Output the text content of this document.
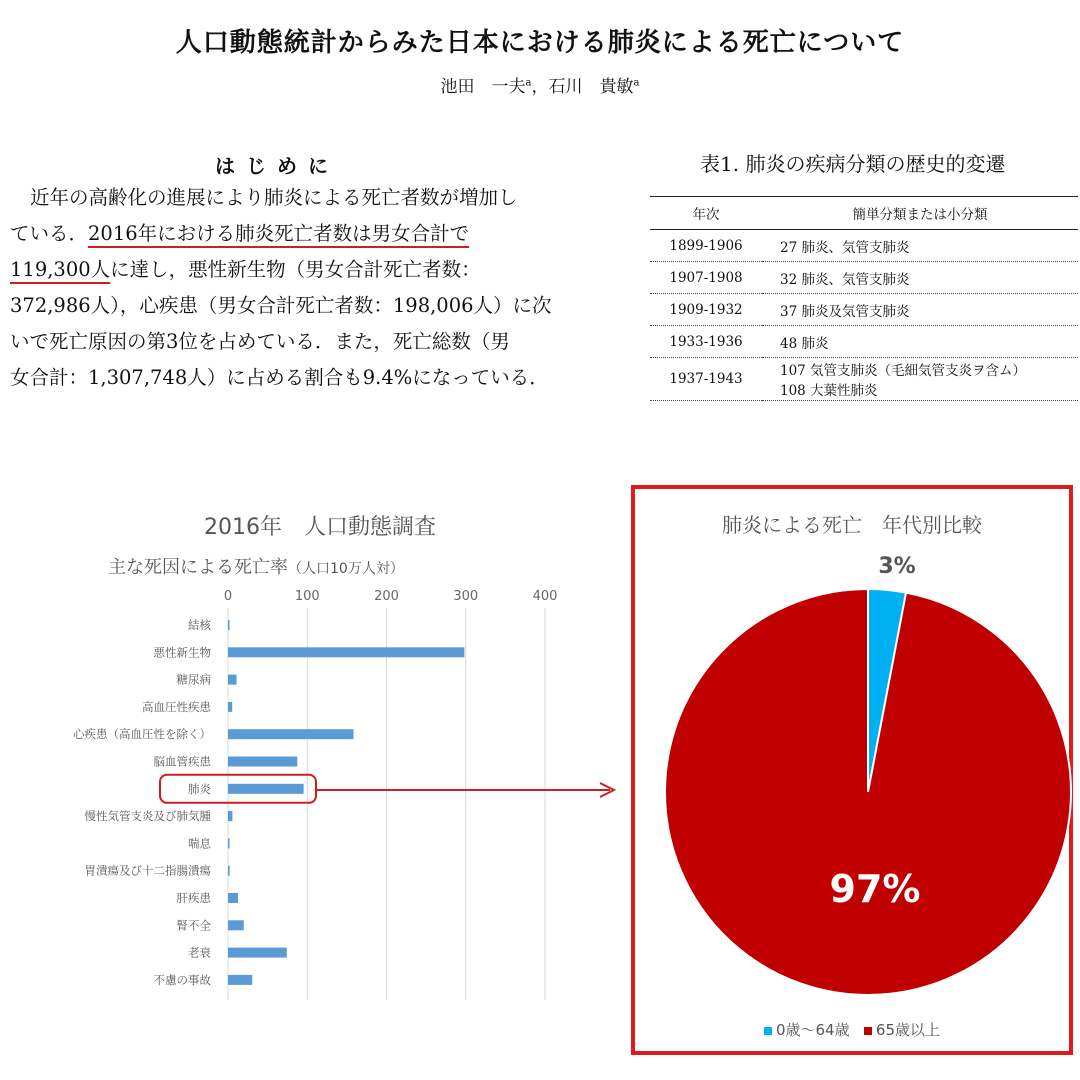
人口動態統計からみた日本における肺炎による死亡について
池田　一夫$^a$，石川　貴敏$^a$
はじめに
近年の高齢化の進展により肺炎による死亡者数が増加し
ている．2016年における肺炎死亡者数は男女合計で
119,300人に達し，悪性新生物（男女合計死亡者数：
372,986人），心疾患（男女合計死亡者数：198,006人）に次
いで死亡原因の第3位を占めている．また，死亡総数（男
女合計：1,307,748人）に占める割合も9.4%になっている．
表1. 肺炎の疾病分類の歴史的変遷
年次	簡単分類または小分類
1899-1906	27 肺炎、気管支肺炎

1907-1908	32 肺炎、気管支肺炎

1909-1932	37 肺炎及気管支肺炎

1933-1936	48 肺炎

1937-1943	107 気管支肺炎（毛細気管支炎ヲ含ム）
108 大葉性肺炎
2016年　人口動態調査
主な死因による死亡率（人口10万人対）
0	100	200	300	400
結核
悪性新生物
糖尿病
高血圧性疾患
心疾患（高血圧性を除く）
脳血管疾患
肺炎
慢性気管支炎及び肺気腫
喘息
胃潰瘍及び十二指腸潰瘍
肝疾患
腎不全
老衰
不慮の事故
肺炎による死亡　年代別比較
3%
97%
0歳～64歳 65歳以上
